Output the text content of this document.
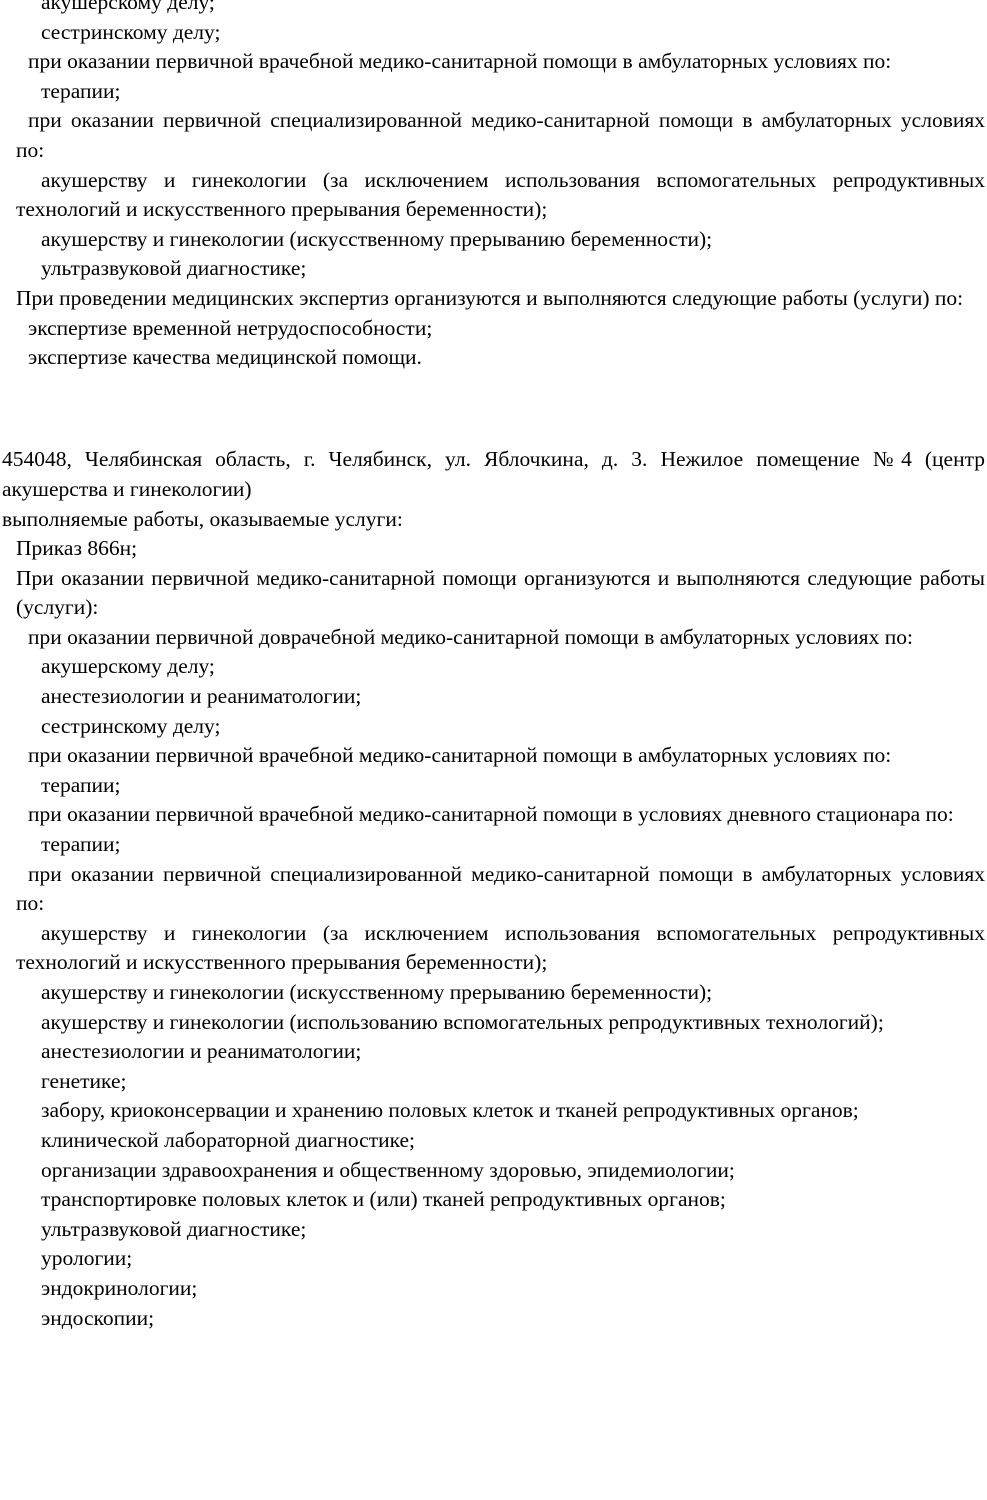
акушерскому делу;

сестринскому делу;

при оказании первичной врачебной медико-санитарной помощи в амбулаторных условиях по:

терапии;

при оказании первичной специализированной медико-санитарной помощи в амбулаторных условиях по:

акушерству и гинекологии (за исключением использования вспомогательных репродуктивных технологий и искусственного прерывания беременности);

акушерству и гинекологии (искусственному прерыванию беременности);

ультразвуковой диагностике;

При проведении медицинских экспертиз организуются и выполняются следующие работы (услуги) по:

экспертизе временной нетрудоспособности;

экспертизе качества медицинской помощи.

454048, Челябинская область, г. Челябинск, ул. Яблочкина, д. 3. Нежилое помещение №4 (центр акушерства и гинекологии)

выполняемые работы, оказываемые услуги:

Приказ 866н;

При оказании первичной медико-санитарной помощи организуются и выполняются следующие работы (услуги):

при оказании первичной доврачебной медико-санитарной помощи в амбулаторных условиях по:

акушерскому делу;

анестезиологии и реаниматологии;

сестринскому делу;

при оказании первичной врачебной медико-санитарной помощи в амбулаторных условиях по:

терапии;

при оказании первичной врачебной медико-санитарной помощи в условиях дневного стационара по:

терапии;

при оказании первичной специализированной медико-санитарной помощи в амбулаторных условиях по:

акушерству и гинекологии (за исключением использования вспомогательных репродуктивных технологий и искусственного прерывания беременности);

акушерству и гинекологии (искусственному прерыванию беременности);

акушерству и гинекологии (использованию вспомогательных репродуктивных технологий);

анестезиологии и реаниматологии;

генетике;

забору, криоконсервации и хранению половых клеток и тканей репродуктивных органов;

клинической лабораторной диагностике;

организации здравоохранения и общественному здоровью, эпидемиологии;

транспортировке половых клеток и (или) тканей репродуктивных органов;

ультразвуковой диагностике;

урологии;

эндокринологии;

эндоскопии;
